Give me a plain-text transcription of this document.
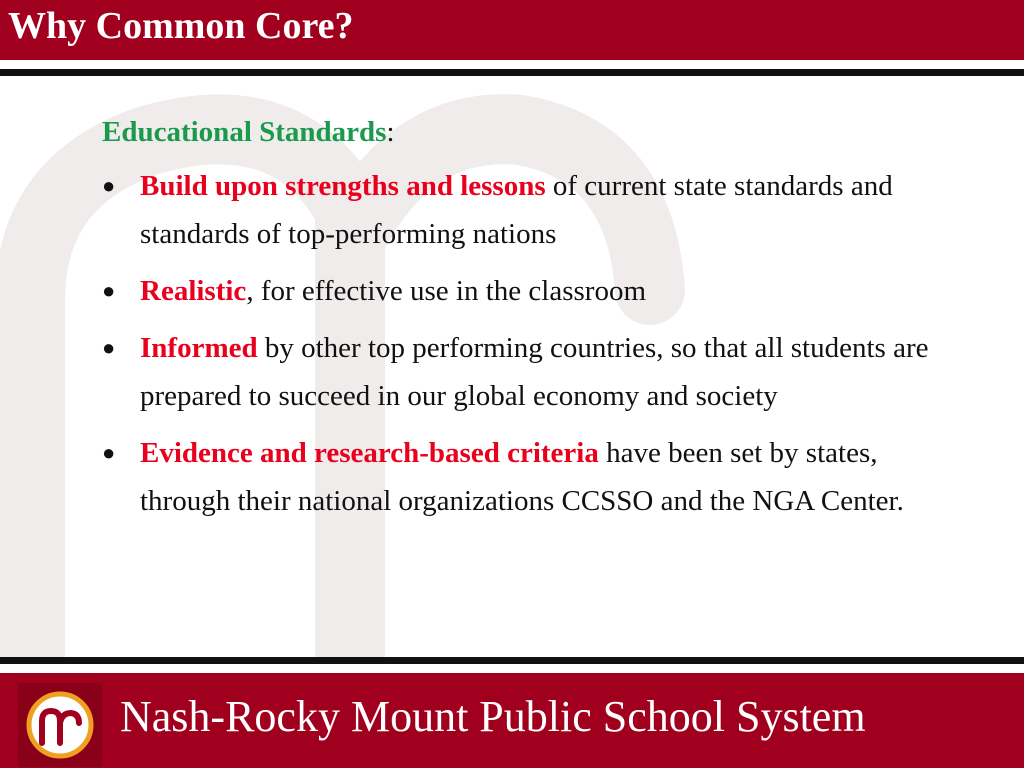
Why Common Core?

Educational Standards:

● Build upon strengths and lessons of current state standards and standards of top-performing nations
● Realistic, for effective use in the classroom
● Informed by other top performing countries, so that all students are prepared to succeed in our global economy and society
● Evidence and research-based criteria have been set by states, through their national organizations CCSSO and the NGA Center.

Nash-Rocky Mount Public School System
